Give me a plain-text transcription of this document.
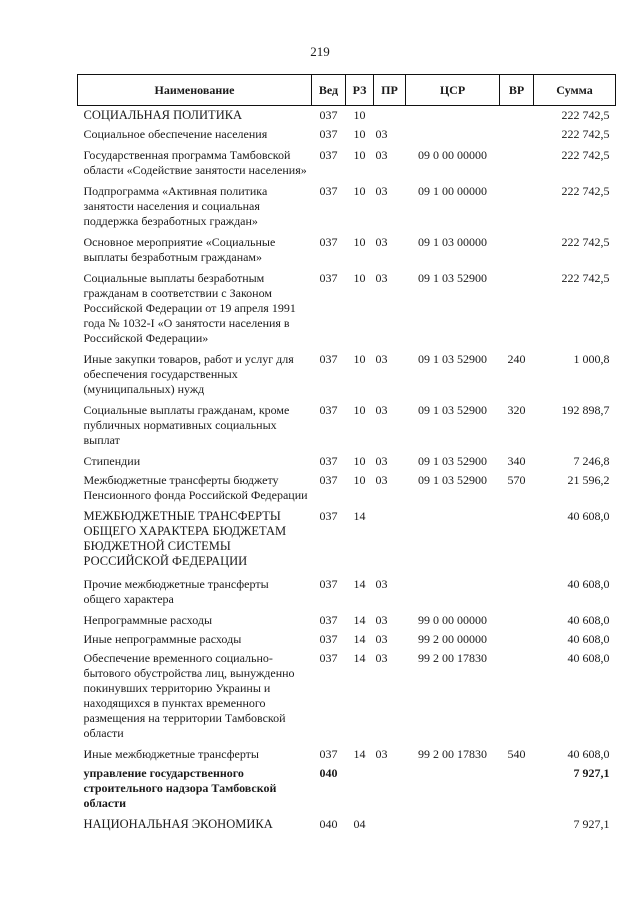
219
Наименование	Вед	РЗ	ПР	ЦСР	ВР	Сумма
СОЦИАЛЬНАЯ ПОЛИТИКА	037	10				222 742,5
Социальное обеспечение населения	037	10	03			222 742,5
Государственная программа Тамбовской области «Содействие занятости населения»	037	10	03	09 0 00 00000		222 742,5
Подпрограмма «Активная политика занятости населения и социальная поддержка безработных граждан»	037	10	03	09 1 00 00000		222 742,5
Основное мероприятие «Социальные выплаты безработным гражданам»	037	10	03	09 1 03 00000		222 742,5
Социальные выплаты безработным гражданам в соответствии с Законом Российской Федерации от 19 апреля 1991 года № 1032-I «О занятости населения в Российской Федерации»	037	10	03	09 1 03 52900		222 742,5
Иные закупки товаров, работ и услуг для обеспечения государственных (муниципальных) нужд	037	10	03	09 1 03 52900	240	1 000,8
Социальные выплаты гражданам, кроме публичных нормативных социальных выплат	037	10	03	09 1 03 52900	320	192 898,7
Стипендии	037	10	03	09 1 03 52900	340	7 246,8
Межбюджетные трансферты бюджету Пенсионного фонда Российской Федерации	037	10	03	09 1 03 52900	570	21 596,2
МЕЖБЮДЖЕТНЫЕ ТРАНСФЕРТЫ ОБЩЕГО ХАРАКТЕРА БЮДЖЕТАМ БЮДЖЕТНОЙ СИСТЕМЫ РОССИЙСКОЙ ФЕДЕРАЦИИ	037	14				40 608,0
Прочие межбюджетные трансферты общего характера	037	14	03			40 608,0
Непрограммные расходы	037	14	03	99 0 00 00000		40 608,0
Иные непрограммные расходы	037	14	03	99 2 00 00000		40 608,0
Обеспечение временного социально-бытового обустройства лиц, вынужденно покинувших территорию Украины и находящихся в пунктах временного размещения на территории Тамбовской области	037	14	03	99 2 00 17830		40 608,0
Иные межбюджетные трансферты	037	14	03	99 2 00 17830	540	40 608,0
управление государственного строительного надзора Тамбовской области	040					7 927,1
НАЦИОНАЛЬНАЯ ЭКОНОМИКА	040	04				7 927,1
